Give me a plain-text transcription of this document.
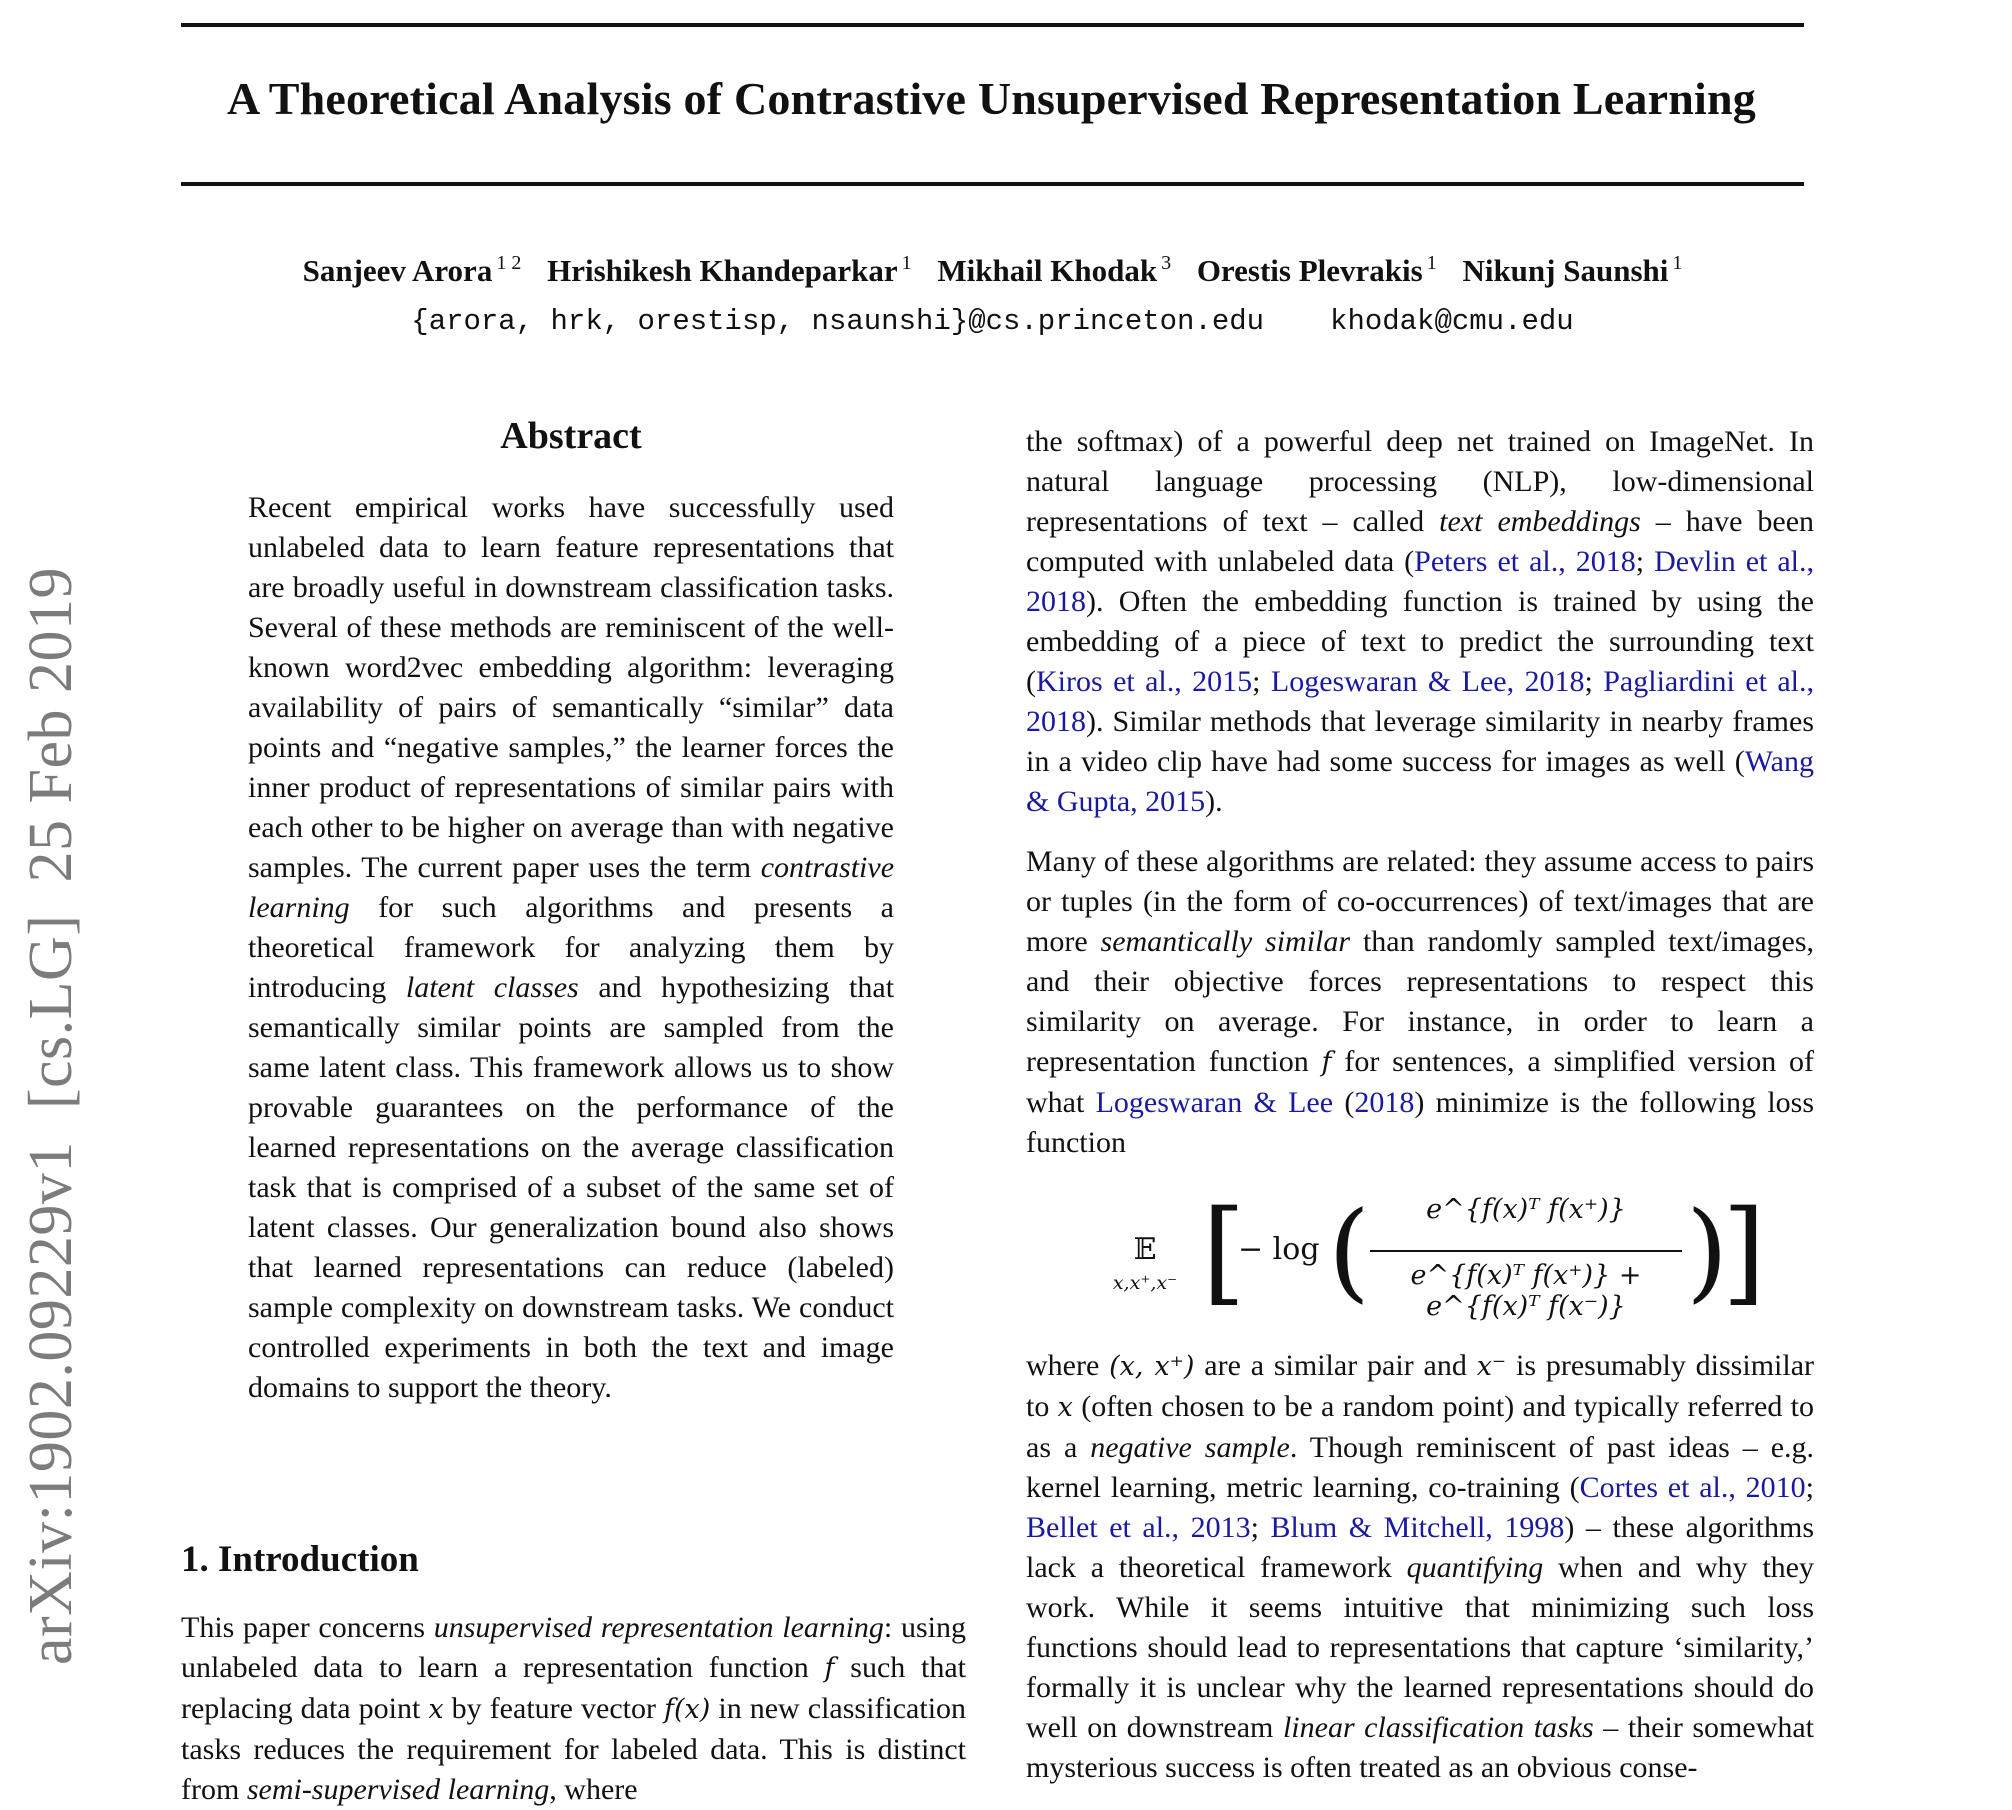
A Theoretical Analysis of Contrastive Unsupervised Representation Learning
Sanjeev Arora $^{1 2}$ Hrishikesh Khandeparkar $^1$ Mikhail Khodak $^3$ Orestis Plevrakis $^1$ Nikunj Saunshi $^1$
{arora, hrk, orestisp, nsaunshi}@cs.princeton.edu khodak@cmu.edu
arXiv:1902.09229v1  [cs.LG]  25 Feb 2019
Abstract

Recent empirical works have successfully used unlabeled data to learn feature representations that are broadly useful in downstream classification tasks. Several of these methods are reminiscent of the well-known word2vec embedding algorithm: leveraging availability of pairs of semantically “similar” data points and “negative samples,” the learner forces the inner product of representations of similar pairs with each other to be higher on average than with negative samples. The current paper uses the term contrastive learning for such algorithms and presents a theoretical framework for analyzing them by introducing latent classes and hypothesizing that semantically similar points are sampled from the same latent class. This framework allows us to show provable guarantees on the performance of the learned representations on the average classification task that is comprised of a subset of the same set of latent classes. Our generalization bound also shows that learned representations can reduce (labeled) sample complexity on downstream tasks. We conduct controlled experiments in both the text and image domains to support the theory.

1. Introduction

This paper concerns unsupervised representation learning: using unlabeled data to learn a representation function f such that replacing data point x by feature vector f(x) in new classification tasks reduces the requirement for labeled data. This is distinct from semi-supervised learning, where

the softmax) of a powerful deep net trained on ImageNet. In natural language processing (NLP), low-dimensional representations of text – called text embeddings – have been computed with unlabeled data (Peters et al., 2018; Devlin et al., 2018). Often the embedding function is trained by using the embedding of a piece of text to predict the surrounding text (Kiros et al., 2015; Logeswaran & Lee, 2018; Pagliardini et al., 2018). Similar methods that leverage similarity in nearby frames in a video clip have had some success for images as well (Wang & Gupta, 2015).

Many of these algorithms are related: they assume access to pairs or tuples (in the form of co-occurrences) of text/images that are more semantically similar than randomly sampled text/images, and their objective forces representations to respect this similarity on average. For instance, in order to learn a representation function f for sentences, a simplified version of what Logeswaran & Lee (2018) minimize is the following loss function

𝔼
x,x⁺,x⁻ [
− log (	e^{f(x)ᵀ f(x⁺)}
e^{f(x)ᵀ f(x⁺)} + e^{f(x)ᵀ f(x⁻)} )
]

where (x, x⁺) are a similar pair and x⁻ is presumably dissimilar to x (often chosen to be a random point) and typically referred to as a negative sample. Though reminiscent of past ideas – e.g. kernel learning, metric learning, co-training (Cortes et al., 2010; Bellet et al., 2013; Blum & Mitchell, 1998) – these algorithms lack a theoretical framework quantifying when and why they work. While it seems intuitive that minimizing such loss functions should lead to representations that capture ‘similarity,’ formally it is unclear why the learned representations should do well on downstream linear classification tasks – their somewhat mysterious success is often treated as an obvious conse-
